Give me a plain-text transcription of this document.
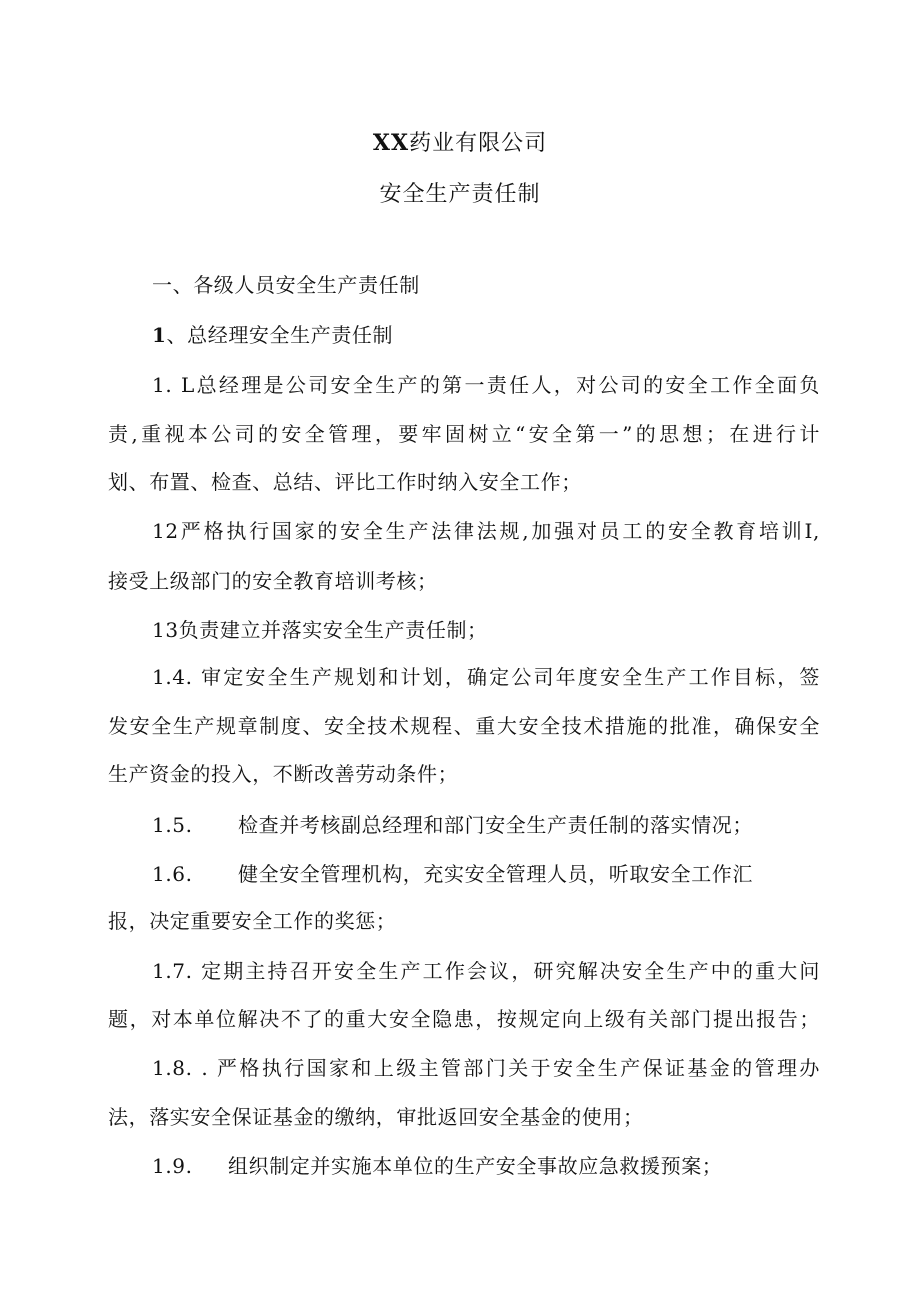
XX药业有限公司
安全生产责任制
一、各级人员安全生产责任制
1、总经理安全生产责任制
1. L总经理是公司安全生产的第一责任人，对公司的安全工作全面负
责,重视本公司的安全管理，要牢固树立“安全第一”的思想；在进行计
划、布置、检查、总结、评比工作时纳入安全工作；
12严格执行国家的安全生产法律法规,加强对员工的安全教育培训I,
接受上级部门的安全教育培训考核；
13负责建立并落实安全生产责任制；
1.4. 审定安全生产规划和计划，确定公司年度安全生产工作目标，签
发安全生产规章制度、安全技术规程、重大安全技术措施的批准，确保安全
生产资金的投入，不断改善劳动条件；
1.5. 检查并考核副总经理和部门安全生产责任制的落实情况；
1.6. 健全安全管理机构，充实安全管理人员，听取安全工作汇
报，决定重要安全工作的奖惩；
1.7. 定期主持召开安全生产工作会议，研究解决安全生产中的重大问
题，对本单位解决不了的重大安全隐患，按规定向上级有关部门提出报告；
1.8. . 严格执行国家和上级主管部门关于安全生产保证基金的管理办
法，落实安全保证基金的缴纳，审批返回安全基金的使用；
1.9. 组织制定并实施本单位的生产安全事故应急救援预案；
